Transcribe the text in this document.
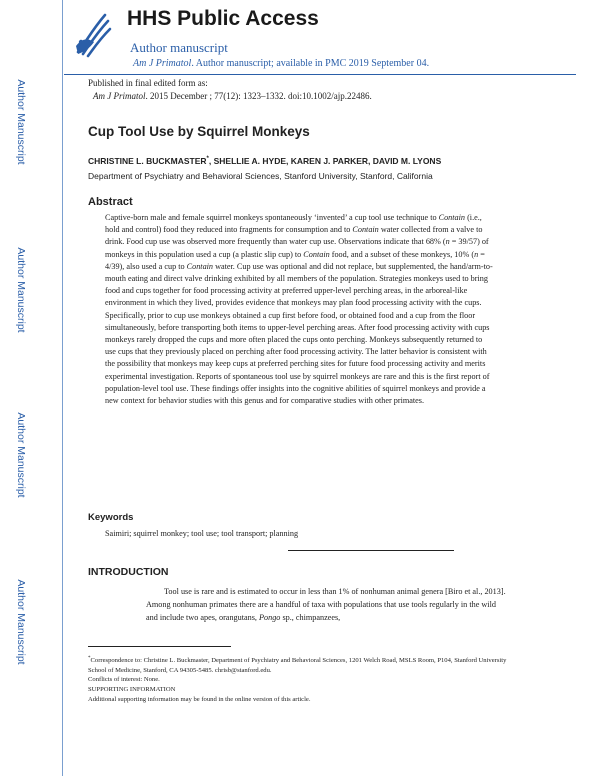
Author Manuscript
Author Manuscript
Author Manuscript
Author Manuscript
HHS Public Access
Author manuscript
Am J Primatol. Author manuscript; available in PMC 2019 September 04.
Published in final edited form as:
Am J Primatol. 2015 December ; 77(12): 1323–1332. doi:10.1002/ajp.22486.
Cup Tool Use by Squirrel Monkeys
CHRISTINE L. BUCKMASTER*, SHELLIE A. HYDE, KAREN J. PARKER, DAVID M. LYONS
Department of Psychiatry and Behavioral Sciences, Stanford University, Stanford, California
Abstract

Captive-born male and female squirrel monkeys spontaneously ‘invented’ a cup tool use technique to Contain (i.e., hold and control) food they reduced into fragments for consumption and to Contain water collected from a valve to drink. Food cup use was observed more frequently than water cup use. Observations indicate that 68% (n = 39/57) of monkeys in this population used a cup (a plastic slip cup) to Contain food, and a subset of these monkeys, 10% (n = 4/39), also used a cup to Contain water. Cup use was optional and did not replace, but supplemented, the hand/arm-to-mouth eating and direct valve drinking exhibited by all members of the population. Strategies monkeys used to bring food and cups together for food processing activity at preferred upper-level perching areas, in the arboreal-like environment in which they lived, provides evidence that monkeys may plan food processing activity with the cups. Specifically, prior to cup use monkeys obtained a cup first before food, or obtained food and a cup from the floor simultaneously, before transporting both items to upper-level perching areas. After food processing activity with cups monkeys rarely dropped the cups and more often placed the cups onto perching. Monkeys subsequently returned to use cups that they previously placed on perching after food processing activity. The latter behavior is consistent with the possibility that monkeys may keep cups at preferred perching sites for future food processing activity and merits experimental investigation. Reports of spontaneous tool use by squirrel monkeys are rare and this is the first report of population-level tool use. These findings offer insights into the cognitive abilities of squirrel monkeys and provide a new context for behavior studies with this genus and for comparative studies with other primates.

Keywords

Saimiri; squirrel monkey; tool use; tool transport; planning

INTRODUCTION

Tool use is rare and is estimated to occur in less than 1% of nonhuman animal genera [Biro et al., 2013]. Among nonhuman primates there are a handful of taxa with populations that use tools regularly in the wild and include two apes, orangutans, Pongo sp., chimpanzees,

*Correspondence to: Christine L. Buckmaster, Department of Psychiatry and Behavioral Sciences, 1201 Welch Road, MSLS Room, P104, Stanford University School of Medicine, Stanford, CA 94305-5485. chrisb@stanford.edu.

Conflicts of interest: None.

SUPPORTING INFORMATION

Additional supporting information may be found in the online version of this article.
